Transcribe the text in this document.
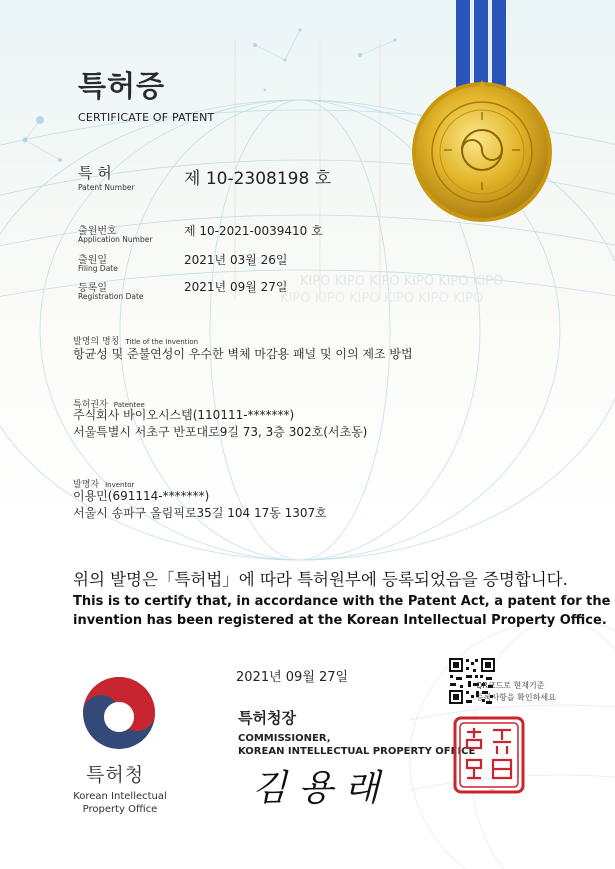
KIPO KIPO KIPO KIPO KIPO KIPO
KIPO KIPO KIPO KIPO KIPO KIPO
특허증
CERTIFICATE OF PATENT
특 허
Patent Number	제 10-2308198 호
출원번호
Application Number
제 10-2021-0039410 호
출원일
Filing Date
2021년 03월 26일
등록일
Registration Date
2021년 09월 27일
발명의 명칭 Title of the Invention
항균성 및 준불연성이 우수한 벽체 마감용 패널 및 이의 제조 방법
특허권자 Patentee
주식회사 바이오시스템(110111-*******)
서울특별시 서초구 반포대로9길 73, 3층 302호(서초동)
발명자 Inventor
이용민(691114-*******)
서울시 송파구 올림픽로35길 104 17동 1307호
위의 발명은「특허법」에 따라 특허원부에 등록되었음을 증명합니다.
This is to certify that, in accordance with the Patent Act, a patent for the
invention has been registered at the Korean Intellectual Property Office.
2021년 09월 27일
QR코드로 현재기준
등록사항을 확인하세요
특허청장
COMMISSIONER,
KOREAN INTELLECTUAL PROPERTY OFFICE
김 용 래	특허청장의인
특허청
Korean Intellectual
Property Office
